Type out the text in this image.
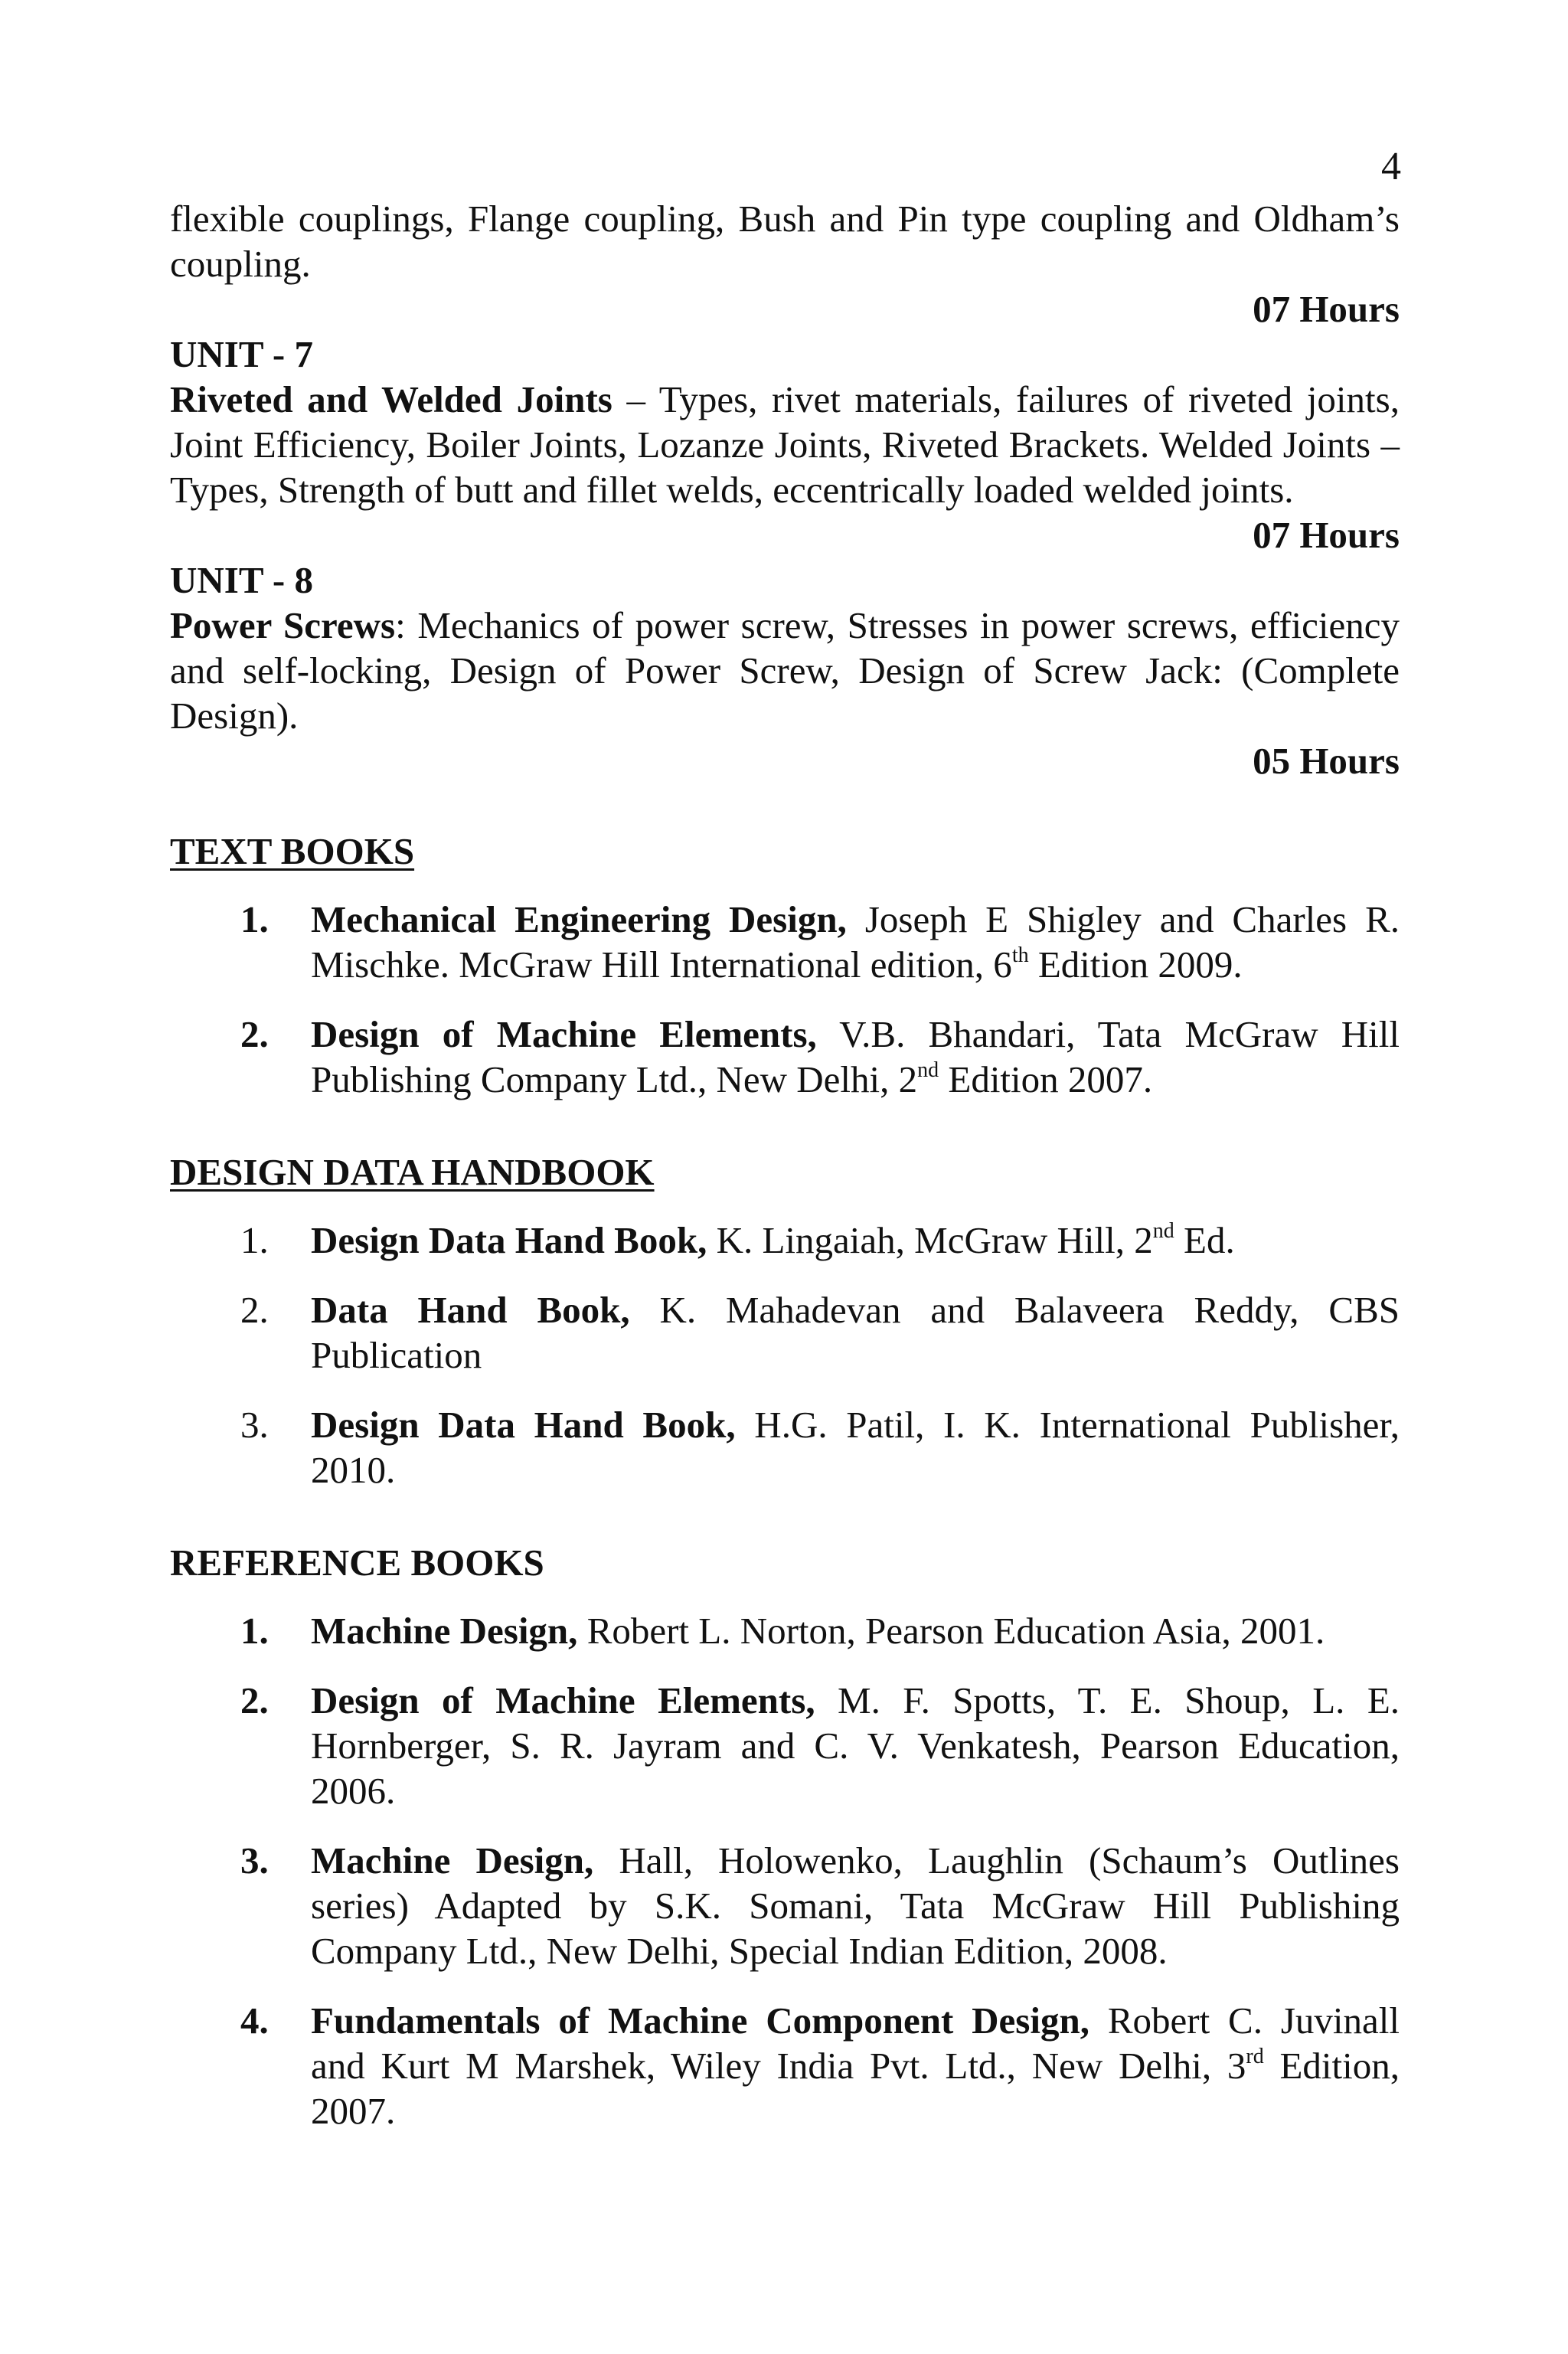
4

flexible couplings, Flange coupling, Bush and Pin type coupling and Oldham’s coupling.

07 Hours

UNIT - 7

Riveted and Welded Joints – Types, rivet materials, failures of riveted joints, Joint Efficiency, Boiler Joints, Lozanze Joints, Riveted Brackets. Welded Joints – Types, Strength of butt and fillet welds, eccentrically loaded welded joints.

07 Hours

UNIT - 8

Power Screws: Mechanics of power screw, Stresses in power screws, efficiency and self-locking, Design of Power Screw, Design of Screw Jack: (Complete Design).

05 Hours

TEXT BOOKS

1. Mechanical Engineering Design, Joseph E Shigley and Charles R. Mischke. McGraw Hill International edition, 6th Edition 2009.
2. Design of Machine Elements, V.B. Bhandari, Tata McGraw Hill Publishing Company Ltd., New Delhi, 2nd Edition 2007.

DESIGN DATA HANDBOOK

1. Design Data Hand Book, K. Lingaiah, McGraw Hill, 2nd Ed.
2. Data Hand Book, K. Mahadevan and Balaveera Reddy, CBS Publication
3. Design Data Hand Book, H.G. Patil, I. K. International Publisher, 2010.

REFERENCE BOOKS

1. Machine Design, Robert L. Norton, Pearson Education Asia, 2001.
2. Design of Machine Elements, M. F. Spotts, T. E. Shoup, L. E. Hornberger, S. R. Jayram and C. V. Venkatesh, Pearson Education, 2006.
3. Machine Design, Hall, Holowenko, Laughlin (Schaum’s Outlines series) Adapted by S.K. Somani, Tata McGraw Hill Publishing Company Ltd., New Delhi, Special Indian Edition, 2008.
4. Fundamentals of Machine Component Design, Robert C. Juvinall and Kurt M Marshek, Wiley India Pvt. Ltd., New Delhi, 3rd Edition, 2007.
